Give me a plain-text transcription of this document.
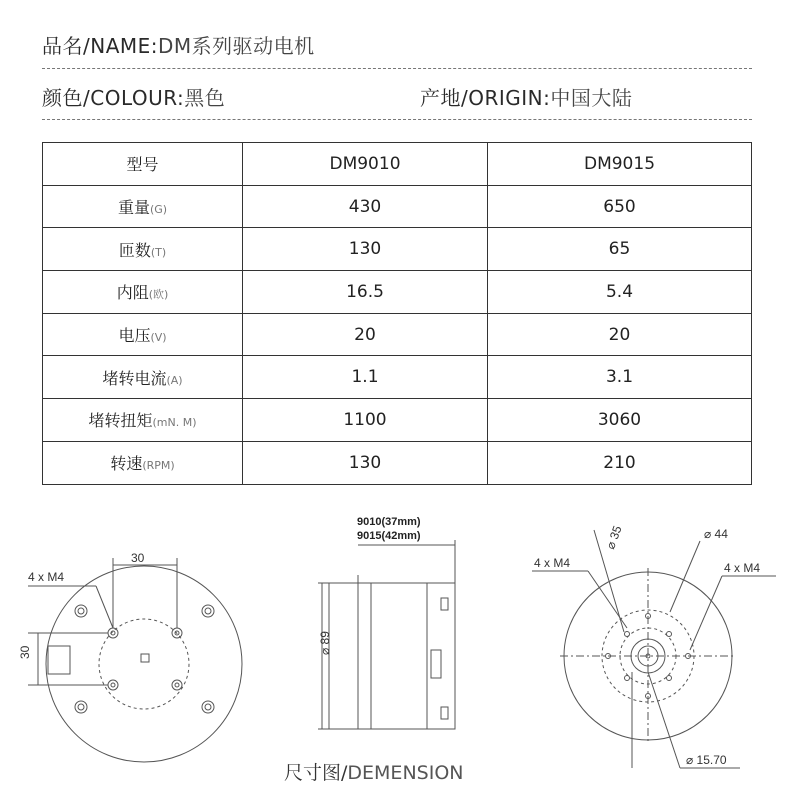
品名/NAME:DM系列驱动电机
颜色/COLOUR:黑色	产地/ORIGIN:中国大陆
型号	DM9010	DM9015
重量(G)	430	650
匝数(T)	130	65
内阻(欧)	16.5	5.4
电压(V)	20	20
堵转电流(A)	1.1	3.1
堵转扭矩(mN. M)	1100	3060
转速(RPM)	130	210
30
4 x M4
30
9010(37mm)
9015(42mm)
⌀ 89
⌀ 35	⌀ 44
4 x M4	4 x M4
⌀ 15.70
尺寸图/DEMENSION
